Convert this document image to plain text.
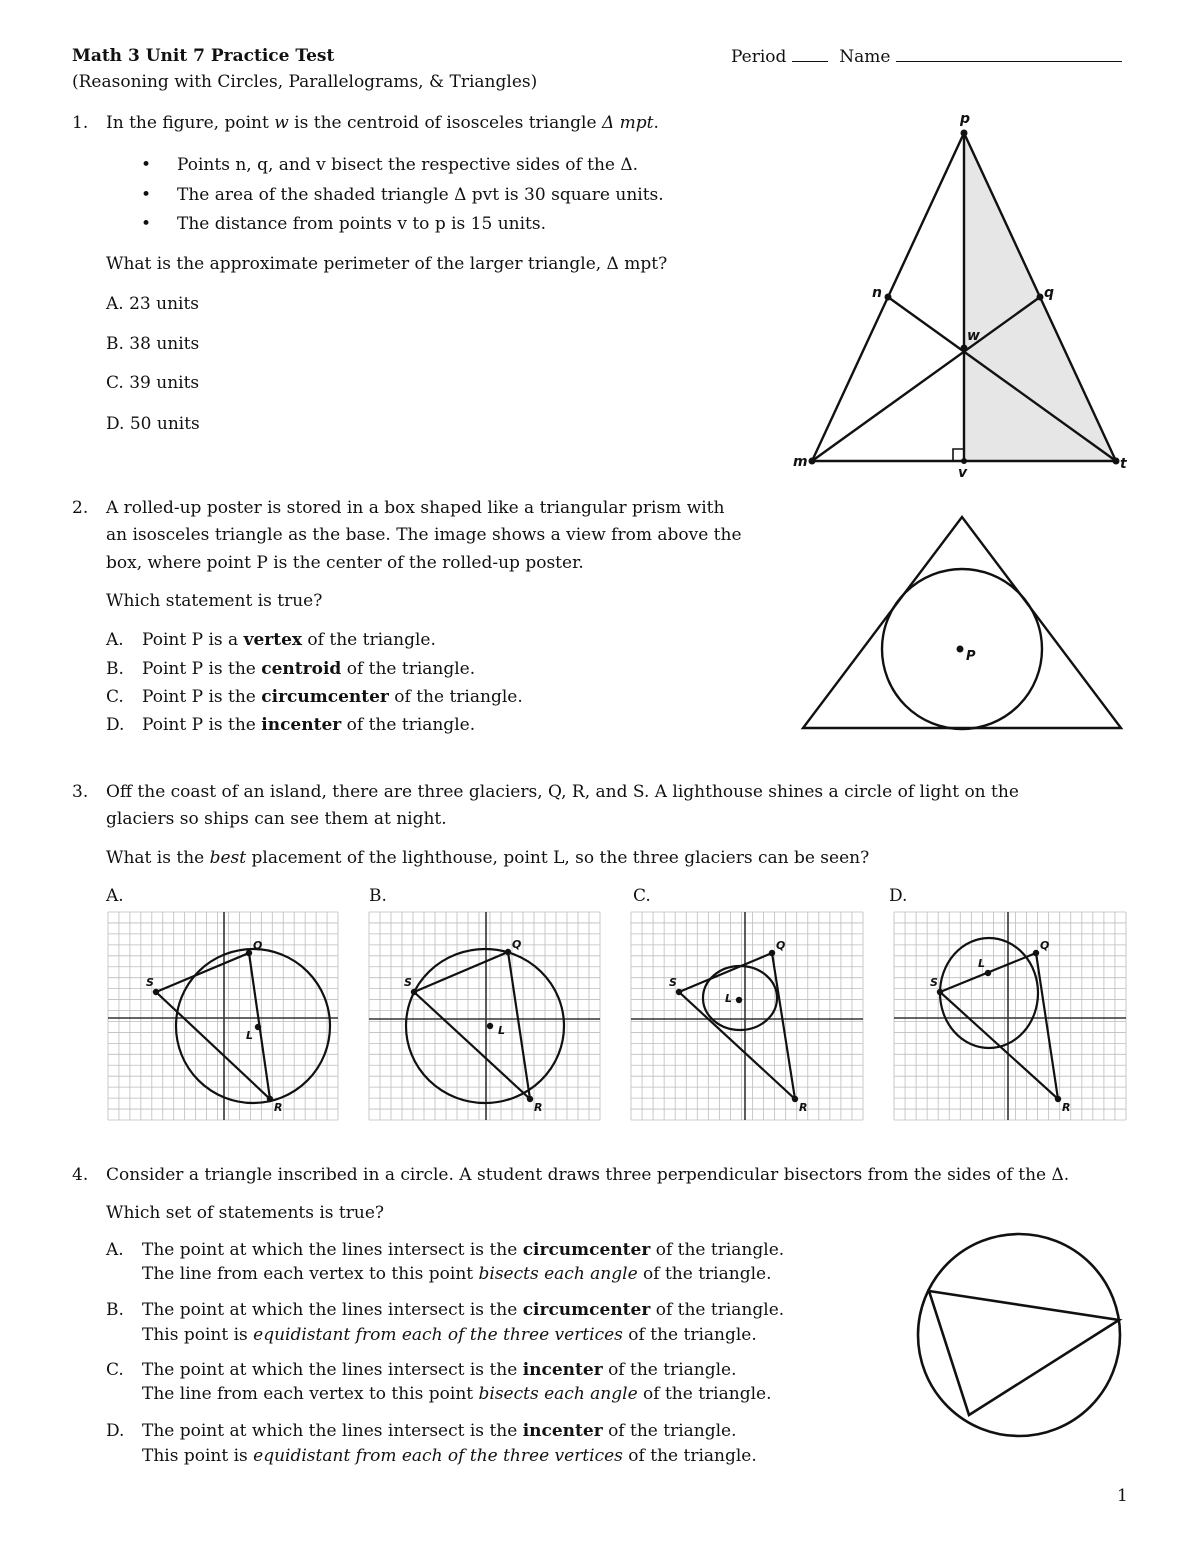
Math 3 Unit 7 Practice Test
(Reasoning with Circles, Parallelograms, & Triangles)
Period	Name
1. In the figure, point w is the centroid of isosceles triangle Δ mpt.
• Points n, q, and v bisect the respective sides of the Δ.
• The area of the shaded triangle Δ pvt is 30 square units.
• The distance from points v to p is 15 units.
What is the approximate perimeter of the larger triangle, Δ mpt?
A. 23 units
B. 38 units
C. 39 units
D. 50 units
p
n	q
w
m
v
t
2. A rolled-up poster is stored in a box shaped like a triangular prism with
an isosceles triangle as the base. The image shows a view from above the
box, where point P is the center of the rolled-up poster.
Which statement is true?
A. Point P is a vertex of the triangle.
B. Point P is the centroid of the triangle.
C. Point P is the circumcenter of the triangle.
D. Point P is the incenter of the triangle.
P
3. Off the coast of an island, there are three glaciers, Q, R, and S. A lighthouse shines a circle of light on the
glaciers so ships can see them at night.
What is the best placement of the lighthouse, point L, so the three glaciers can be seen?
A.	B.	C.	D.
S
Q
R
L
S
Q
R
L
S
Q
R
L
S
Q
R
L
4. Consider a triangle inscribed in a circle. A student draws three perpendicular bisectors from the sides of the Δ.
Which set of statements is true?
A. The point at which the lines intersect is the circumcenter of the triangle.
The line from each vertex to this point bisects each angle of the triangle.
B. The point at which the lines intersect is the circumcenter of the triangle.
This point is equidistant from each of the three vertices of the triangle.
C. The point at which the lines intersect is the incenter of the triangle.
The line from each vertex to this point bisects each angle of the triangle.
D. The point at which the lines intersect is the incenter of the triangle.
This point is equidistant from each of the three vertices of the triangle.
1
